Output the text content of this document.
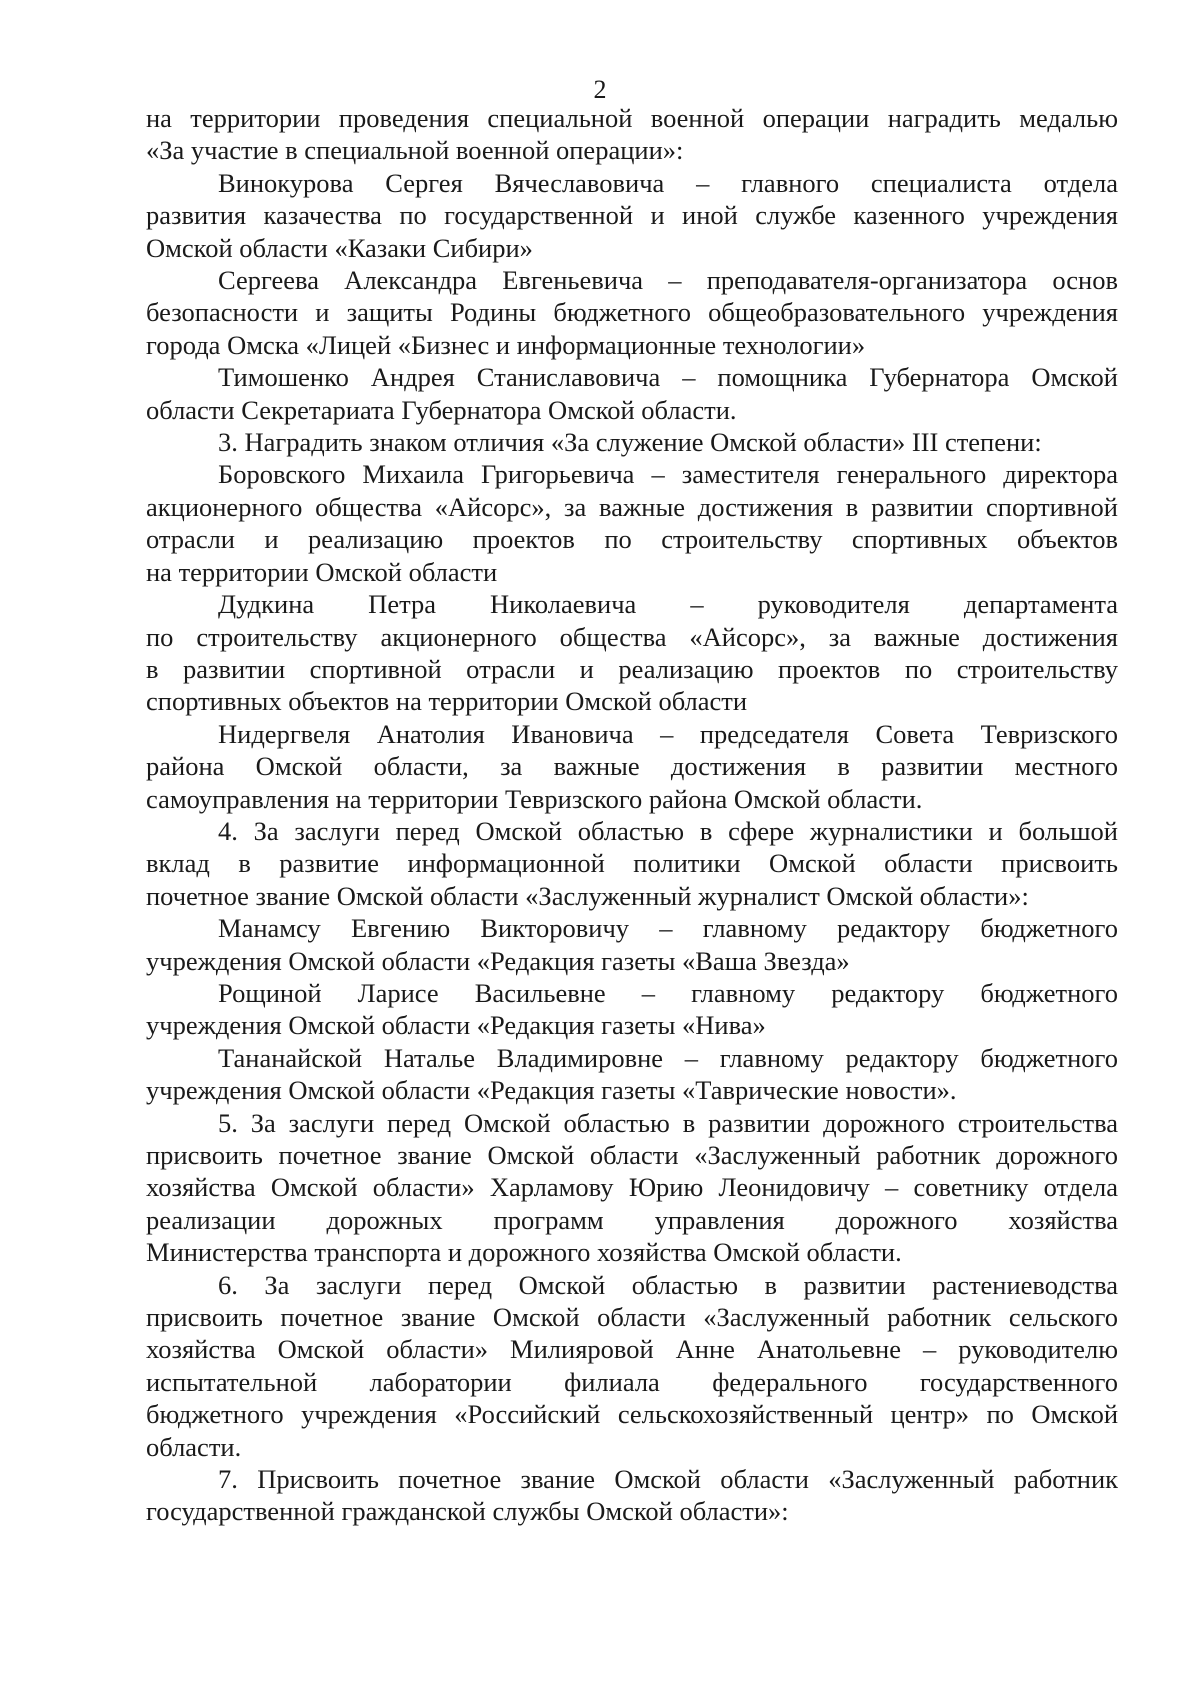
2
на территории проведения специальной военной операции наградить медалью
«За участие в специальной военной операции»:
Винокурова Сергея Вячеславовича – главного специалиста отдела
развития казачества по государственной и иной службе казенного учреждения
Омской области «Казаки Сибири»
Сергеева Александра Евгеньевича – преподавателя-организатора основ
безопасности и защиты Родины бюджетного общеобразовательного учреждения
города Омска «Лицей «Бизнес и информационные технологии»
Тимошенко Андрея Станиславовича – помощника Губернатора Омской
области Секретариата Губернатора Омской области.
3. Наградить знаком отличия «За служение Омской области» III степени:
Боровского Михаила Григорьевича – заместителя генерального директора
акционерного общества «Айсорс», за важные достижения в развитии спортивной
отрасли и реализацию проектов по строительству спортивных объектов
на территории Омской области
Дудкина Петра Николаевича – руководителя департамента
по строительству акционерного общества «Айсорс», за важные достижения
в развитии спортивной отрасли и реализацию проектов по строительству
спортивных объектов на территории Омской области
Нидергвеля Анатолия Ивановича – председателя Совета Тевризского
района Омской области, за важные достижения в развитии местного
самоуправления на территории Тевризского района Омской области.
4. За заслуги перед Омской областью в сфере журналистики и большой
вклад в развитие информационной политики Омской области присвоить
почетное звание Омской области «Заслуженный журналист Омской области»:
Манамсу Евгению Викторовичу – главному редактору бюджетного
учреждения Омской области «Редакция газеты «Ваша Звезда»
Рощиной Ларисе Васильевне – главному редактору бюджетного
учреждения Омской области «Редакция газеты «Нива»
Тананайской Наталье Владимировне – главному редактору бюджетного
учреждения Омской области «Редакция газеты «Таврические новости».
5. За заслуги перед Омской областью в развитии дорожного строительства
присвоить почетное звание Омской области «Заслуженный работник дорожного
хозяйства Омской области» Харламову Юрию Леонидовичу – советнику отдела
реализации дорожных программ управления дорожного хозяйства
Министерства транспорта и дорожного хозяйства Омской области.
6. За заслуги перед Омской областью в развитии растениеводства
присвоить почетное звание Омской области «Заслуженный работник сельского
хозяйства Омской области» Милияровой Анне Анатольевне – руководителю
испытательной лаборатории филиала федерального государственного
бюджетного учреждения «Российский сельскохозяйственный центр» по Омской
области.
7. Присвоить почетное звание Омской области «Заслуженный работник
государственной гражданской службы Омской области»:
